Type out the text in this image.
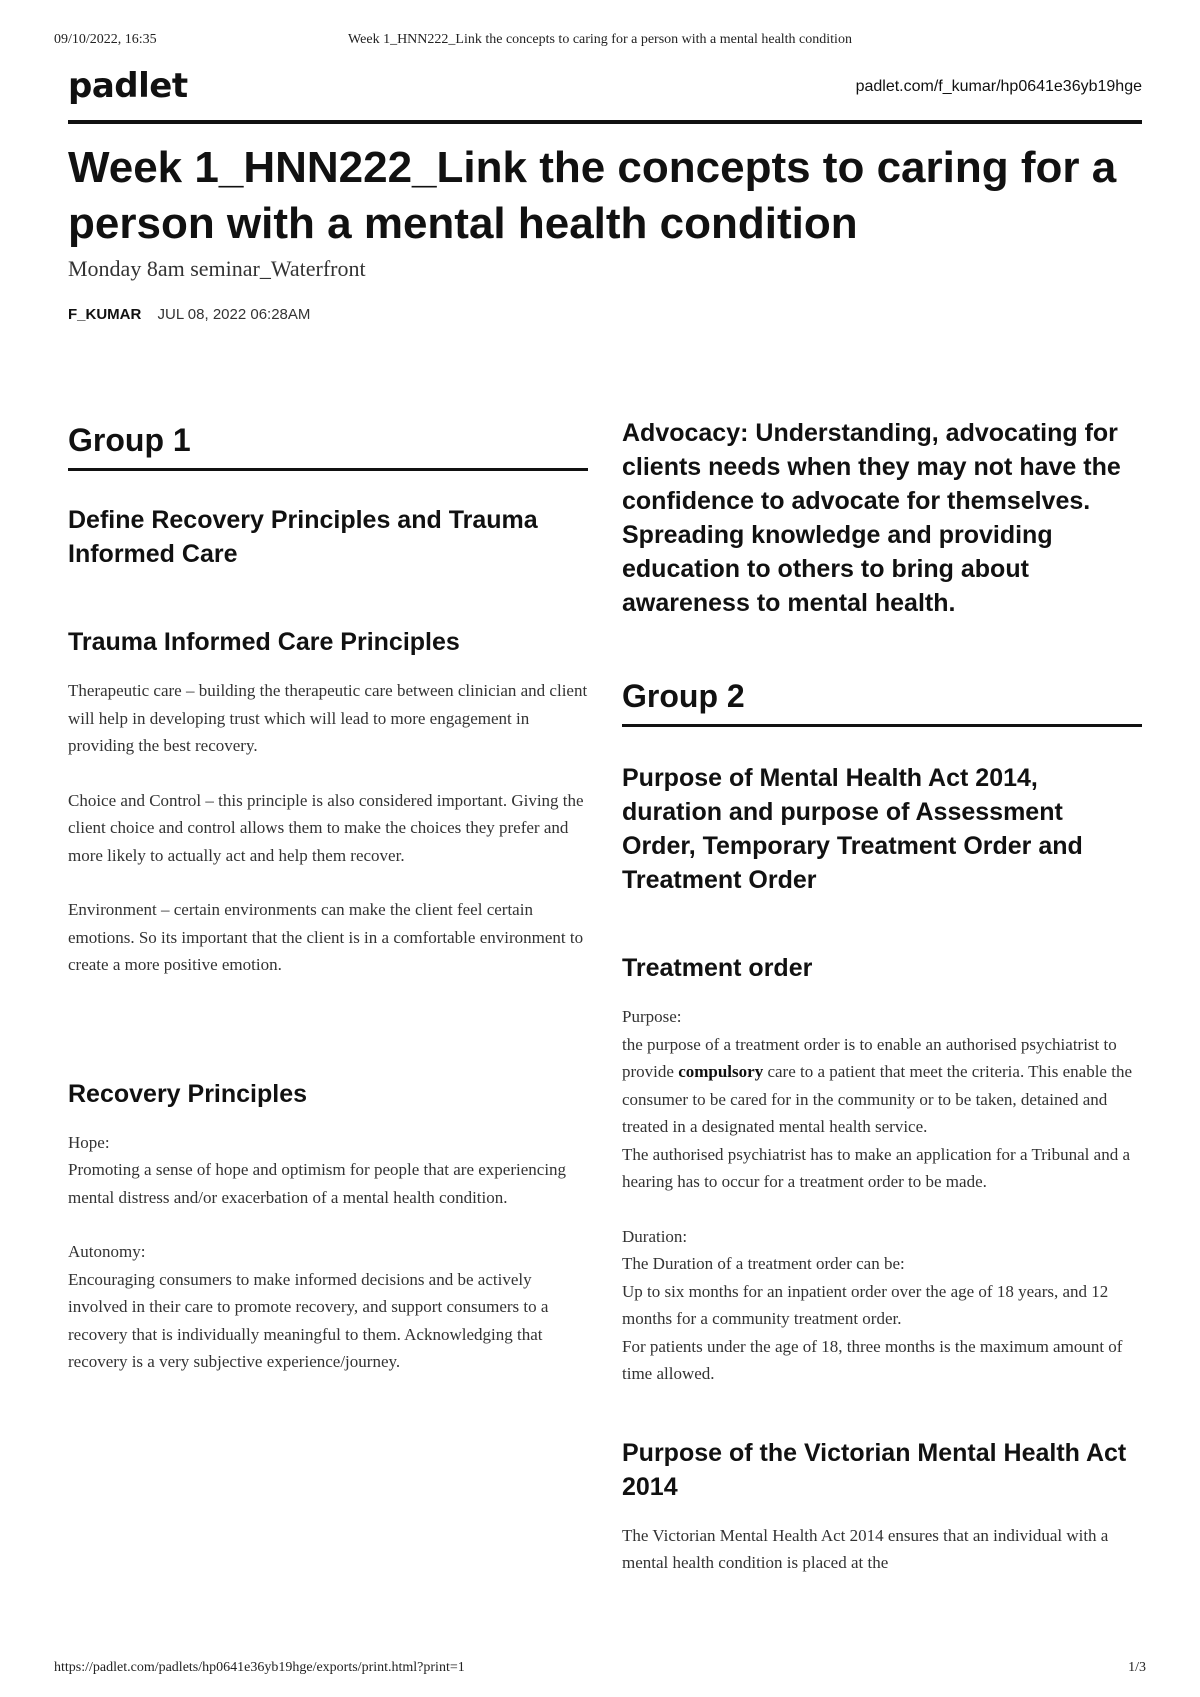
09/10/2022, 16:35	Week 1_HNN222_Link the concepts to caring for a person with a mental health condition
padlet	padlet.com/f_kumar/hp0641e36yb19hge
Week 1_HNN222_Link the concepts to caring for a person with a mental health condition
Monday 8am seminar_Waterfront
F_KUMAR JUL 08, 2022 06:28AM
Group 1
Define Recovery Principles and Trauma Informed Care
Trauma Informed Care Principles

Therapeutic care – building the therapeutic care between clinician and client will help in developing trust which will lead to more engagement in providing the best recovery.

Choice and Control – this principle is also considered important. Giving the client choice and control allows them to make the choices they prefer and more likely to actually act and help them recover.

Environment – certain environments can make the client feel certain emotions. So its important that the client is in a comfortable environment to create a more positive emotion.

Recovery Principles

Hope:

Promoting a sense of hope and optimism for people that are experiencing mental distress and/or exacerbation of a mental health condition.

Autonomy:

Encouraging consumers to make informed decisions and be actively involved in their care to promote recovery, and support consumers to a recovery that is individually meaningful to them. Acknowledging that recovery is a very subjective experience/journey.

Advocacy: Understanding, advocating for clients needs when they may not have the confidence to advocate for themselves. Spreading knowledge and providing education to others to bring about awareness to mental health.
Group 2
Purpose of Mental Health Act 2014, duration and purpose of Assessment Order, Temporary Treatment Order and Treatment Order
Treatment order

Purpose:

the purpose of a treatment order is to enable an authorised psychiatrist to provide compulsory care to a patient that meet the criteria. This enable the consumer to be cared for in the community or to be taken, detained and treated in a designated mental health service.

The authorised psychiatrist has to make an application for a Tribunal and a hearing has to occur for a treatment order to be made.

Duration:

The Duration of a treatment order can be:

Up to six months for an inpatient order over the age of 18 years, and 12 months for a community treatment order.

For patients under the age of 18, three months is the maximum amount of time allowed.

Purpose of the Victorian Mental Health Act 2014

The Victorian Mental Health Act 2014 ensures that an individual with a mental health condition is placed at the

https://padlet.com/padlets/hp0641e36yb19hge/exports/print.html?print=1	1/3
